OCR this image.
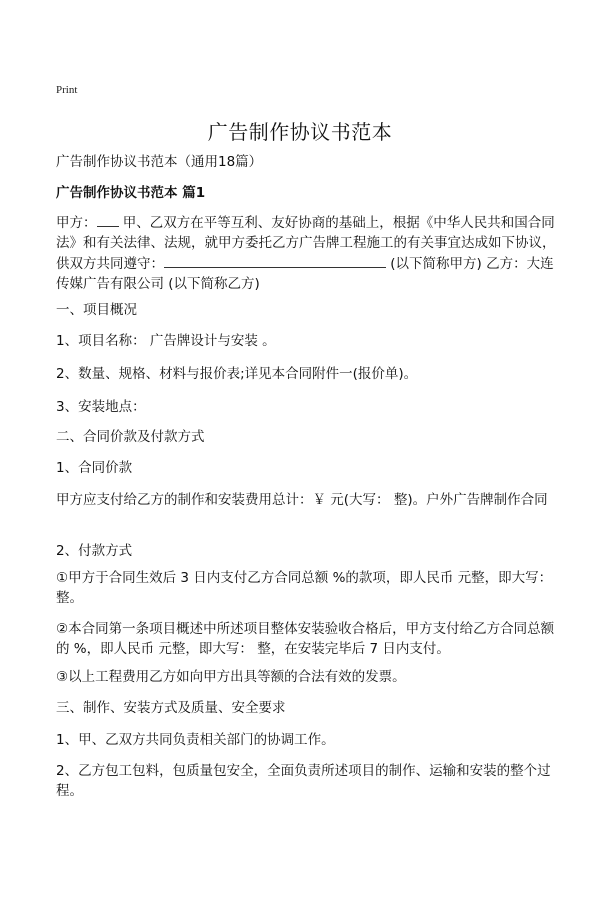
Print
广告制作协议书范本
广告制作协议书范本（通用18篇）
广告制作协议书范本 篇1
甲方： 甲、乙双方在平等互利、友好协商的基础上，根据《中华人民共和国合同法》和有关法律、法规，就甲方委托乙方广告牌工程施工的有关事宜达成如下协议，供双方共同遵守：	(以下简称甲方) 乙方：大连 传媒广告有限公司 (以下简称乙方)
一、项目概况
1、项目名称： 广告牌设计与安装 。
2、数量、规格、材料与报价表;详见本合同附件一(报价单)。
3、安装地点：
二、合同价款及付款方式
1、合同价款
甲方应支付给乙方的制作和安装费用总计：￥ 元(大写： 整)。户外广告牌制作合同
2、付款方式
①甲方于合同生效后 3 日内支付乙方合同总额 %的款项，即人民币 元整，即大写：整。
②本合同第一条项目概述中所述项目整体安装验收合格后，甲方支付给乙方合同总额的 %，即人民币 元整，即大写： 整，在安装完毕后 7 日内支付。
③以上工程费用乙方如向甲方出具等额的合法有效的发票。
三、制作、安装方式及质量、安全要求
1、甲、乙双方共同负责相关部门的协调工作。
2、乙方包工包料，包质量包安全，全面负责所述项目的制作、运输和安装的整个过程。
